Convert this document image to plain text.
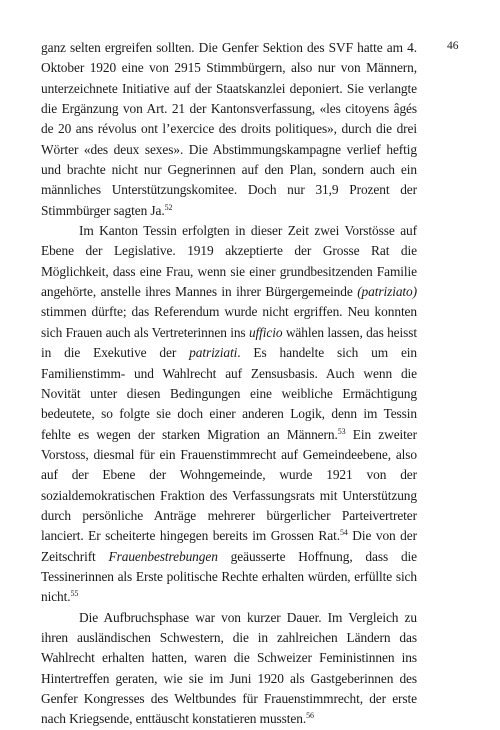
46

ganz selten ergreifen sollten. Die Genfer Sektion des SVF hatte am 4. Oktober 1920 eine von 2915 Stimmbürgern, also nur von Männern, unterzeichnete Initiative auf der Staatskanzlei deponiert. Sie verlangte die Ergänzung von Art. 21 der Kantonsverfassung, «les citoyens âgés de 20 ans révolus ont l’exercice des droits politiques», durch die drei Wörter «des deux sexes». Die Abstimmungskampagne verlief heftig und brachte nicht nur Gegnerinnen auf den Plan, sondern auch ein männliches Unterstützungskomitee. Doch nur 31,9 Prozent der Stimmbürger sagten Ja.$^{52}$

Im Kanton Tessin erfolgten in dieser Zeit zwei Vorstösse auf Ebene der Legislative. 1919 akzeptierte der Grosse Rat die Möglichkeit, dass eine Frau, wenn sie einer grundbesitzenden Familie angehörte, anstelle ihres Mannes in ihrer Bürgergemeinde (patriziato) stimmen dürfte; das Referendum wurde nicht ergriffen. Neu konnten sich Frauen auch als Vertreterinnen ins ufficio wählen lassen, das heisst in die Exekutive der patriziati. Es handelte sich um ein Familienstimm- und Wahlrecht auf Zensusbasis. Auch wenn die Novität unter diesen Bedingungen eine weibliche Ermächtigung bedeutete, so folgte sie doch einer anderen Logik, denn im Tessin fehlte es wegen der starken Migration an Männern.$^{53}$ Ein zweiter Vorstoss, diesmal für ein Frauenstimmrecht auf Gemeindeebene, also auf der Ebene der Wohngemeinde, wurde 1921 von der sozialdemokratischen Fraktion des Verfassungsrats mit Unterstützung durch persönliche Anträge mehrerer bürgerlicher Parteivertreter lanciert. Er scheiterte hingegen bereits im Grossen Rat.$^{54}$ Die von der Zeitschrift Frauenbestrebungen geäusserte Hoffnung, dass die Tessinerinnen als Erste politische Rechte erhalten würden, erfüllte sich nicht.$^{55}$

Die Aufbruchsphase war von kurzer Dauer. Im Vergleich zu ihren ausländischen Schwestern, die in zahlreichen Ländern das Wahlrecht erhalten hatten, waren die Schweizer Feministinnen ins Hintertreffen geraten, wie sie im Juni 1920 als Gastgeberinnen des Genfer Kongresses des Weltbundes für Frauenstimmrecht, der erste nach Kriegsende, enttäuscht konstatieren mussten.$^{56}$
